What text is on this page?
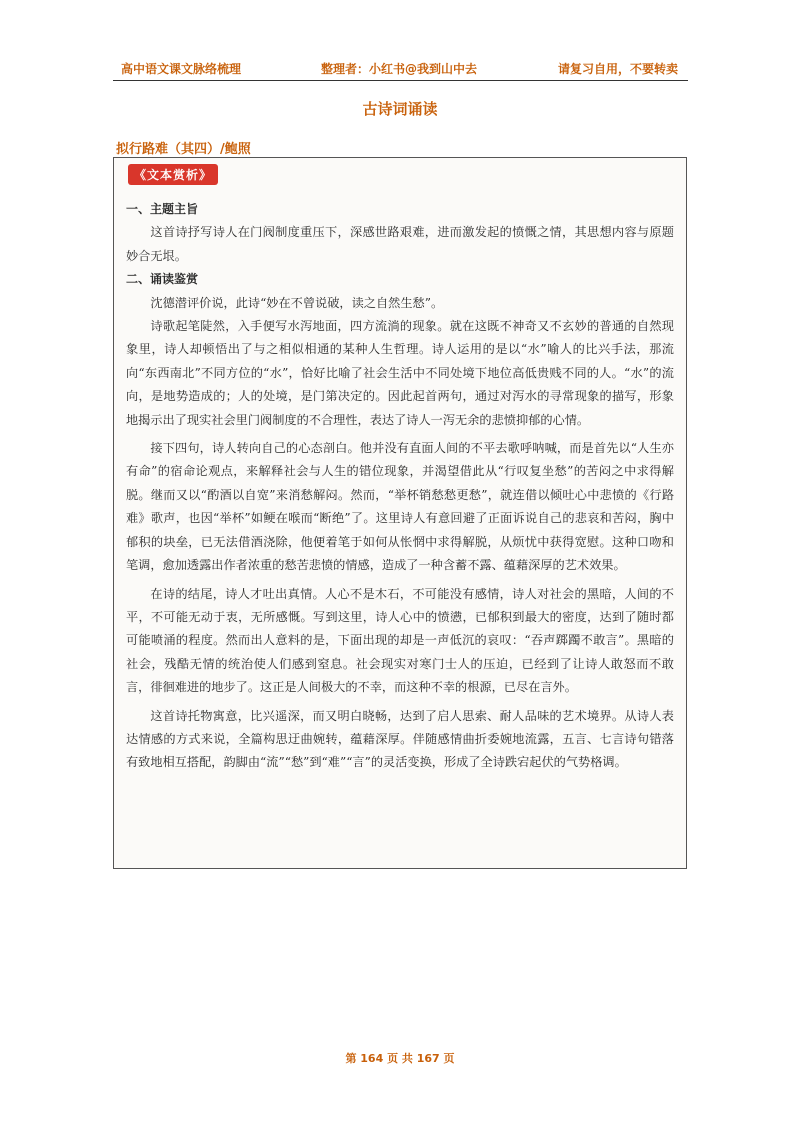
高中语文课文脉络梳理	整理者：小红书@我到山中去	请复习自用，不要转卖
古诗词诵读
拟行路难（其四）/鲍照
《文本赏析》

一、主题主旨

这首诗抒写诗人在门阀制度重压下，深感世路艰难，进而激发起的愤慨之情，其思想内容与原题妙合无垠。

二、诵读鉴赏

沈德潜评价说，此诗“妙在不曾说破，读之自然生愁”。

诗歌起笔陡然，入手便写水泻地面，四方流淌的现象。就在这既不神奇又不玄妙的普通的自然现象里，诗人却顿悟出了与之相似相通的某种人生哲理。诗人运用的是以“水”喻人的比兴手法，那流向“东西南北”不同方位的“水”，恰好比喻了社会生活中不同处境下地位高低贵贱不同的人。“水”的流向，是地势造成的；人的处境，是门第决定的。因此起首两句，通过对泻水的寻常现象的描写，形象地揭示出了现实社会里门阀制度的不合理性，表达了诗人一泻无余的悲愤抑郁的心情。

接下四句，诗人转向自己的心态剖白。他并没有直面人间的不平去歌呼呐喊，而是首先以“人生亦有命”的宿命论观点，来解释社会与人生的错位现象，并渴望借此从“行叹复坐愁”的苦闷之中求得解脱。继而又以“酌酒以自宽”来消愁解闷。然而，“举杯销愁愁更愁”，就连借以倾吐心中悲愤的《行路难》歌声，也因“举杯”如鲠在喉而“断绝”了。这里诗人有意回避了正面诉说自己的悲哀和苦闷，胸中郁积的块垒，已无法借酒浇除，他便着笔于如何从怅惘中求得解脱，从烦忧中获得宽慰。这种口吻和笔调，愈加透露出作者浓重的愁苦悲愤的情感，造成了一种含蓄不露、蕴藉深厚的艺术效果。

在诗的结尾，诗人才吐出真情。人心不是木石，不可能没有感情，诗人对社会的黑暗，人间的不平，不可能无动于衷，无所感慨。写到这里，诗人心中的愤懑，已郁积到最大的密度，达到了随时都可能喷涌的程度。然而出人意料的是，下面出现的却是一声低沉的哀叹：“吞声踯躅不敢言”。黑暗的社会，残酷无情的统治使人们感到窒息。社会现实对寒门士人的压迫，已经到了让诗人敢怒而不敢言，徘徊难进的地步了。这正是人间极大的不幸，而这种不幸的根源，已尽在言外。

这首诗托物寓意，比兴遥深，而又明白晓畅，达到了启人思索、耐人品味的艺术境界。从诗人表达情感的方式来说，全篇构思迂曲婉转，蕴藉深厚。伴随感情曲折委婉地流露，五言、七言诗句错落有致地相互搭配，韵脚由“流”“愁”到“难”“言”的灵活变换，形成了全诗跌宕起伏的气势格调。

第 164 页 共 167 页
